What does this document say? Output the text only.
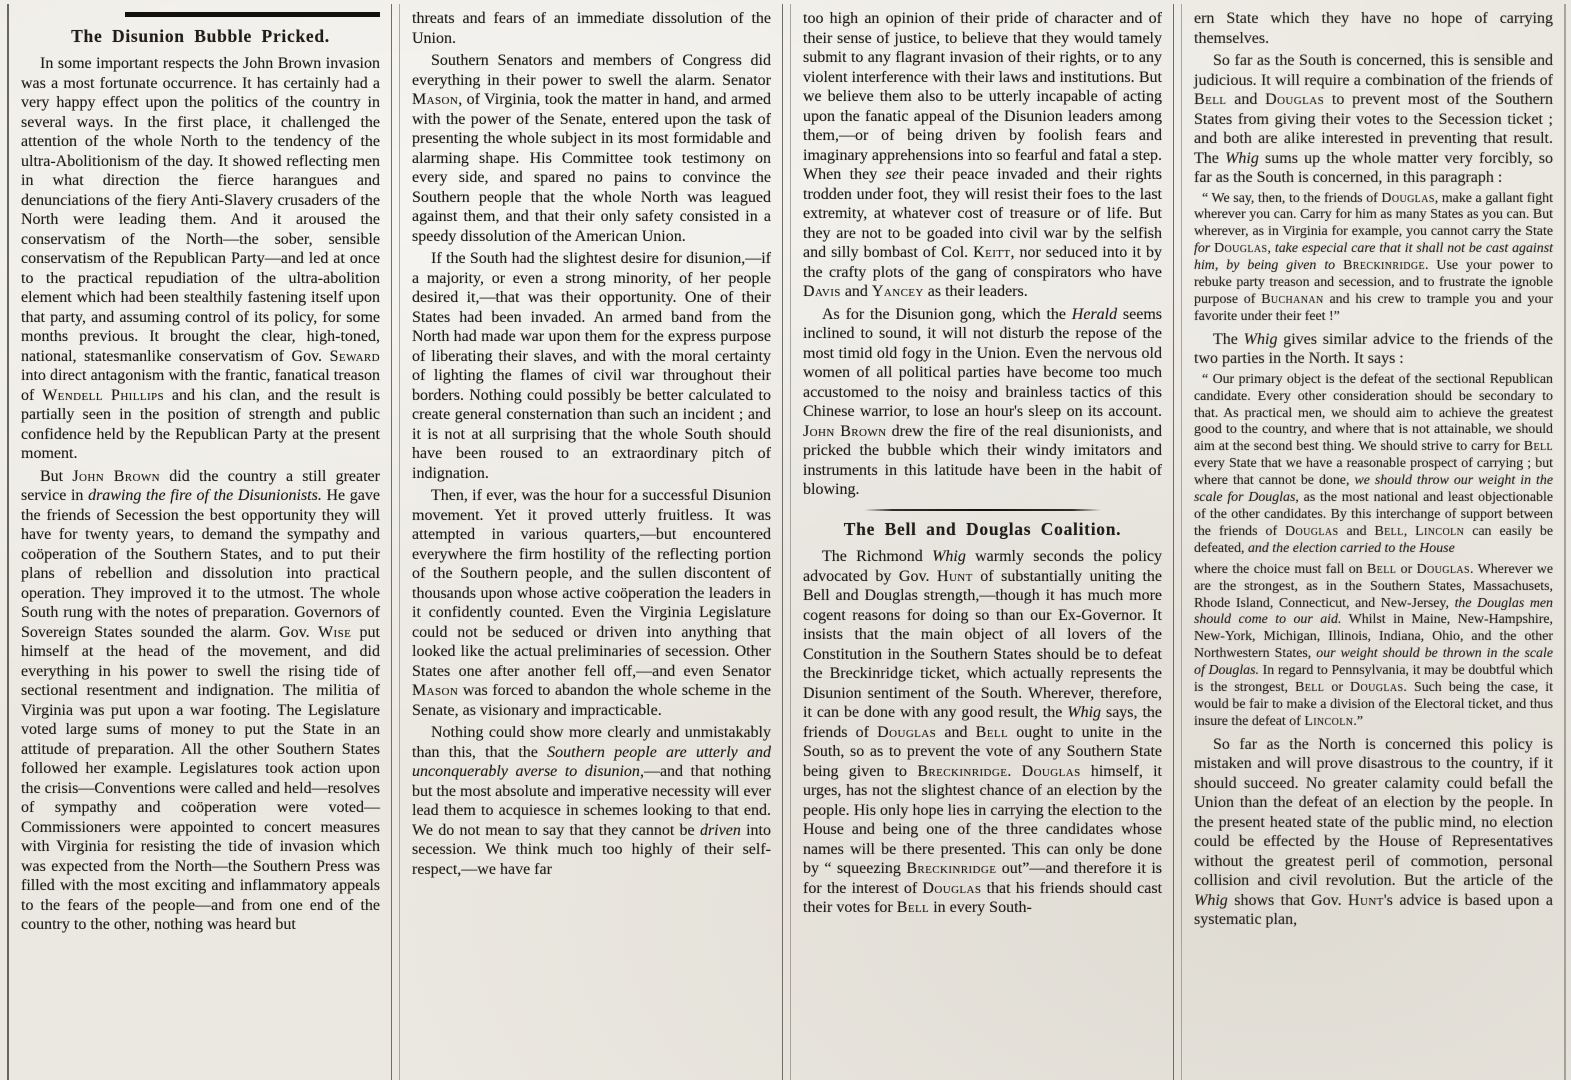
The Disunion Bubble Pricked.

In some important respects the John Brown invasion was a most fortunate occurrence. It has certainly had a very happy effect upon the politics of the country in several ways. In the first place, it challenged the attention of the whole North to the tendency of the ultra-Abolitionism of the day. It showed reflecting men in what direction the fierce harangues and denunciations of the fiery Anti-Slavery crusaders of the North were leading them. And it aroused the conservatism of the North—the sober, sensible conservatism of the Republican Party—and led at once to the practical repudiation of the ultra-abolition element which had been stealthily fastening itself upon that party, and assuming control of its policy, for some months previous. It brought the clear, high-toned, national, statesmanlike conservatism of Gov. Seward into direct antagonism with the frantic, fanatical treason of Wendell Phillips and his clan, and the result is partially seen in the position of strength and public confidence held by the Republican Party at the present moment.

But John Brown did the country a still greater service in drawing the fire of the Disunionists. He gave the friends of Secession the best opportunity they will have for twenty years, to demand the sympathy and coöperation of the Southern States, and to put their plans of rebellion and dissolution into practical operation. They improved it to the utmost. The whole South rung with the notes of preparation. Governors of Sovereign States sounded the alarm. Gov. Wise put himself at the head of the movement, and did everything in his power to swell the rising tide of sectional resentment and indignation. The militia of Virginia was put upon a war footing. The Legislature voted large sums of money to put the State in an attitude of preparation. All the other Southern States followed her example. Legislatures took action upon the crisis—Conventions were called and held—resolves of sympathy and coöperation were voted—Commissioners were appointed to concert measures with Virginia for resisting the tide of invasion which was expected from the North—the Southern Press was filled with the most exciting and inflammatory appeals to the fears of the people—and from one end of the country to the other, nothing was heard but

threats and fears of an immediate dissolution of the Union.

Southern Senators and members of Congress did everything in their power to swell the alarm. Senator Mason, of Virginia, took the matter in hand, and armed with the power of the Senate, entered upon the task of presenting the whole subject in its most formidable and alarming shape. His Committee took testimony on every side, and spared no pains to convince the Southern people that the whole North was leagued against them, and that their only safety consisted in a speedy dissolution of the American Union.

If the South had the slightest desire for disunion,—if a majority, or even a strong minority, of her people desired it,—that was their opportunity. One of their States had been invaded. An armed band from the North had made war upon them for the express purpose of liberating their slaves, and with the moral certainty of lighting the flames of civil war throughout their borders. Nothing could possibly be better calculated to create general consternation than such an incident ; and it is not at all surprising that the whole South should have been roused to an extraordinary pitch of indignation.

Then, if ever, was the hour for a successful Disunion movement. Yet it proved utterly fruitless. It was attempted in various quarters,—but encountered everywhere the firm hostility of the reflecting portion of the Southern people, and the sullen discontent of thousands upon whose active coöperation the leaders in it confidently counted. Even the Virginia Legislature could not be seduced or driven into anything that looked like the actual preliminaries of secession. Other States one after another fell off,—and even Senator Mason was forced to abandon the whole scheme in the Senate, as visionary and impracticable.

Nothing could show more clearly and unmistakably than this, that the Southern people are utterly and unconquerably averse to disunion,—and that nothing but the most absolute and imperative necessity will ever lead them to acquiesce in schemes looking to that end. We do not mean to say that they cannot be driven into secession. We think much too highly of their self-respect,—we have far

too high an opinion of their pride of character and of their sense of justice, to believe that they would tamely submit to any flagrant invasion of their rights, or to any violent interference with their laws and institutions. But we believe them also to be utterly incapable of acting upon the fanatic appeal of the Disunion leaders among them,—or of being driven by foolish fears and imaginary apprehensions into so fearful and fatal a step. When they see their peace invaded and their rights trodden under foot, they will resist their foes to the last extremity, at whatever cost of treasure or of life. But they are not to be goaded into civil war by the selfish and silly bombast of Col. Keitt, nor seduced into it by the crafty plots of the gang of conspirators who have Davis and Yancey as their leaders.

As for the Disunion gong, which the Herald seems inclined to sound, it will not disturb the repose of the most timid old fogy in the Union. Even the nervous old women of all political parties have become too much accustomed to the noisy and brainless tactics of this Chinese warrior, to lose an hour's sleep on its account. John Brown drew the fire of the real disunionists, and pricked the bubble which their windy imitators and instruments in this latitude have been in the habit of blowing.

The Bell and Douglas Coalition.

The Richmond Whig warmly seconds the policy advocated by Gov. Hunt of substantially uniting the Bell and Douglas strength,—though it has much more cogent reasons for doing so than our Ex-Governor. It insists that the main object of all lovers of the Constitution in the Southern States should be to defeat the Breckinridge ticket, which actually represents the Disunion sentiment of the South. Wherever, therefore, it can be done with any good result, the Whig says, the friends of Douglas and Bell ought to unite in the South, so as to prevent the vote of any Southern State being given to Breckinridge. Douglas himself, it urges, has not the slightest chance of an election by the people. His only hope lies in carrying the election to the House and being one of the three candidates whose names will be there presented. This can only be done by “ squeezing Breckinridge out”—and therefore it is for the interest of Douglas that his friends should cast their votes for Bell in every South-

ern State which they have no hope of carrying themselves.

So far as the South is concerned, this is sensible and judicious. It will require a combination of the friends of Bell and Douglas to prevent most of the Southern States from giving their votes to the Secession ticket ; and both are alike interested in preventing that result. The Whig sums up the whole matter very forcibly, so far as the South is concerned, in this paragraph :

“ We say, then, to the friends of Douglas, make a gallant fight wherever you can. Carry for him as many States as you can. But wherever, as in Virginia for example, you cannot carry the State for Douglas, take especial care that it shall not be cast against him, by being given to Breckinridge. Use your power to rebuke party treason and secession, and to frustrate the ignoble purpose of Buchanan and his crew to trample you and your favorite under their feet !”

The Whig gives similar advice to the friends of the two parties in the North. It says :

“ Our primary object is the defeat of the sectional Republican candidate. Every other consideration should be secondary to that. As practical men, we should aim to achieve the greatest good to the country, and where that is not attainable, we should aim at the second best thing. We should strive to carry for Bell every State that we have a reasonable prospect of carrying ; but where that cannot be done, we should throw our weight in the scale for Douglas, as the most national and least objectionable of the other candidates. By this interchange of support between the friends of Douglas and Bell, Lincoln can easily be defeated, and the election carried to the House

where the choice must fall on Bell or Douglas. Wherever we are the strongest, as in the Southern States, Massachusets, Rhode Island, Connecticut, and New-Jersey, the Douglas men should come to our aid. Whilst in Maine, New-Hampshire, New-York, Michigan, Illinois, Indiana, Ohio, and the other Northwestern States, our weight should be thrown in the scale of Douglas. In regard to Pennsylvania, it may be doubtful which is the strongest, Bell or Douglas. Such being the case, it would be fair to make a division of the Electoral ticket, and thus insure the defeat of Lincoln.”

So far as the North is concerned this policy is mistaken and will prove disastrous to the country, if it should succeed. No greater calamity could befall the Union than the defeat of an election by the people. In the present heated state of the public mind, no election could be effected by the House of Representatives without the greatest peril of commotion, personal collision and civil revolution. But the article of the Whig shows that Gov. Hunt's advice is based upon a systematic plan,
